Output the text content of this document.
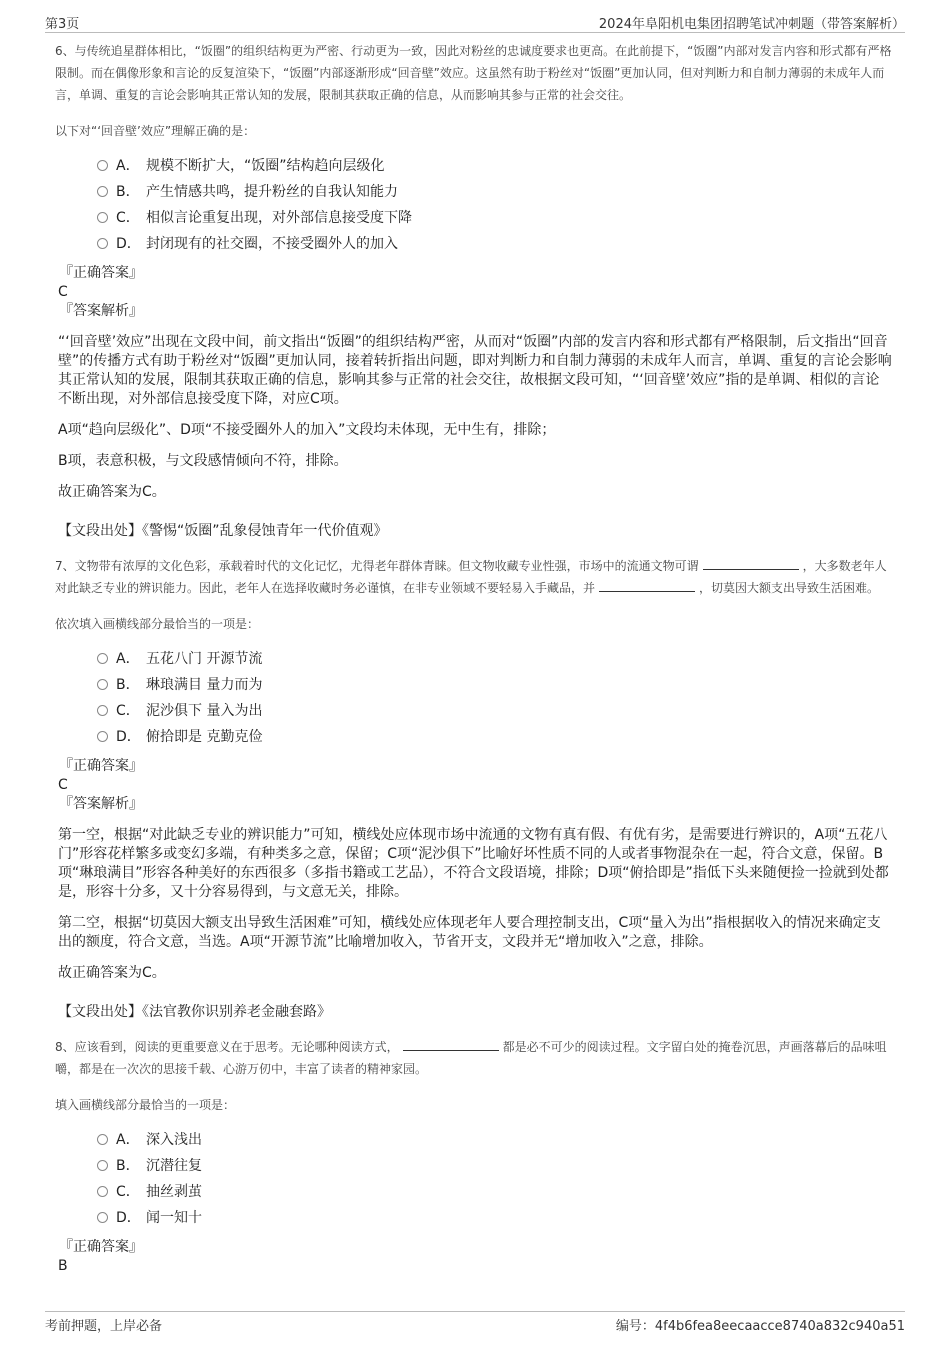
第3页	2024年阜阳机电集团招聘笔试冲刺题（带答案解析）

6、与传统追星群体相比，“饭圈”的组织结构更为严密、行动更为一致，因此对粉丝的忠诚度要求也更高。在此前提下，“饭圈”内部对发言内容和形式都有严格限制。而在偶像形象和言论的反复渲染下，“饭圈”内部逐渐形成“回音壁”效应。这虽然有助于粉丝对“饭圈”更加认同，但对判断力和自制力薄弱的未成年人而言，单调、重复的言论会影响其正常认知的发展，限制其获取正确的信息，从而影响其参与正常的社会交往。

以下对“‘回音壁’效应”理解正确的是：

A． 规模不断扩大，“饭圈”结构趋向层级化
B． 产生情感共鸣，提升粉丝的自我认知能力
C． 相似言论重复出现，对外部信息接受度下降
D． 封闭现有的社交圈，不接受圈外人的加入

『正确答案』

C

『答案解析』

“‘回音壁’效应”出现在文段中间，前文指出“饭圈”的组织结构严密，从而对“饭圈”内部的发言内容和形式都有严格限制，后文指出“回音壁”的传播方式有助于粉丝对“饭圈”更加认同，接着转折指出问题，即对判断力和自制力薄弱的未成年人而言，单调、重复的言论会影响其正常认知的发展，限制其获取正确的信息，影响其参与正常的社会交往，故根据文段可知，“‘回音壁’效应”指的是单调、相似的言论不断出现，对外部信息接受度下降，对应C项。

A项“趋向层级化”、D项“不接受圈外人的加入”文段均未体现，无中生有，排除；

B项，表意积极，与文段感情倾向不符，排除。

故正确答案为C。

【文段出处】《警惕“饭圈”乱象侵蚀青年一代价值观》

7、文物带有浓厚的文化色彩，承载着时代的文化记忆，尤得老年群体青睐。但文物收藏专业性强，市场中的流通文物可谓	，大多数老年人对此缺乏专业的辨识能力。因此，老年人在选择收藏时务必谨慎，在非专业领域不要轻易入手藏品，并	，切莫因大额支出导致生活困难。

依次填入画横线部分最恰当的一项是：

A． 五花八门 开源节流
B． 琳琅满目 量力而为
C． 泥沙俱下 量入为出
D． 俯拾即是 克勤克俭

『正确答案』

C

『答案解析』

第一空，根据“对此缺乏专业的辨识能力”可知，横线处应体现市场中流通的文物有真有假、有优有劣，是需要进行辨识的，A项“五花八门”形容花样繁多或变幻多端，有种类多之意，保留；C项“泥沙俱下”比喻好坏性质不同的人或者事物混杂在一起，符合文意，保留。B项“琳琅满目”形容各种美好的东西很多（多指书籍或工艺品），不符合文段语境，排除；D项“俯拾即是”指低下头来随便捡一捡就到处都是，形容十分多，又十分容易得到，与文意无关，排除。

第二空，根据“切莫因大额支出导致生活困难”可知，横线处应体现老年人要合理控制支出，C项“量入为出”指根据收入的情况来确定支出的额度，符合文意，当选。A项“开源节流”比喻增加收入，节省开支，文段并无“增加收入”之意，排除。

故正确答案为C。

【文段出处】《法官教你识别养老金融套路》

8、应该看到，阅读的更重要意义在于思考。无论哪种阅读方式，	都是必不可少的阅读过程。文字留白处的掩卷沉思，声画落幕后的品味咀嚼，都是在一次次的思接千载、心游万仞中，丰富了读者的精神家园。

填入画横线部分最恰当的一项是：

A． 深入浅出
B． 沉潜往复
C． 抽丝剥茧
D． 闻一知十

『正确答案』

B

考前押题，上岸必备	编号：4f4b6fea8eecaacce8740a832c940a51
